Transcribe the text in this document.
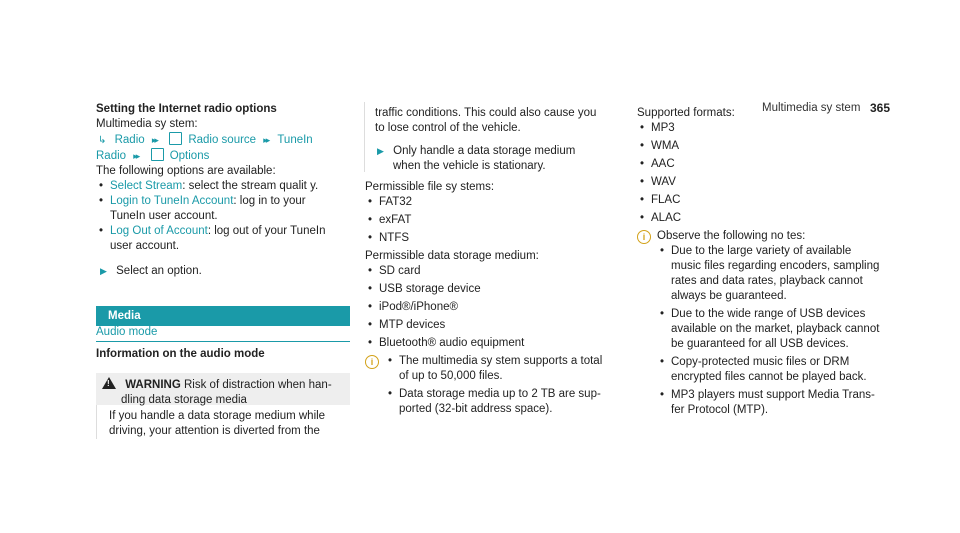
Multimedia sy stem 365
Setting the Internet radio options
Multimedia sy stem:
↳ Radio ▸▸	Radio source ▸▸ TuneIn
Radio ▸▸	Options
The following options are available:
• Select Stream: select the stream qualit y.
• Login to TuneIn Account: log in to your
TuneIn user account.
• Log Out of Account: log out of your TuneIn
user account.
▶ Select an option.
Media
Audio mode
Information on the audio mode
! WARNING Risk of distraction when han-
dling data storage media
If you handle a data storage medium while
driving, your attention is diverted from the
traffic conditions. This could also cause you
to lose control of the vehicle.
▶ Only handle a data storage medium
when the vehicle is stationary.
Permissible file sy stems:
• FAT32
• exFAT
• NTFS
Permissible data storage medium:
• SD card
• USB storage device
• iPod®/iPhone®
• MTP devices
• Bluetooth® audio equipment
i
•	The multimedia sy stem supports a total
of up to 50,000 files.
• Data storage media up to 2 TB are sup-
ported (32-bit address space).
Supported formats:
• MP3
• WMA
• AAC
• WAV
• FLAC
• ALAC
i	Observe the following no tes:
• Due to the large variety of available
music files regarding encoders, sampling
rates and data rates, playback cannot
always be guaranteed.
• Due to the wide range of USB devices
available on the market, playback cannot
be guaranteed for all USB devices.
• Copy-protected music files or DRM
encrypted files cannot be played back.
• MP3 players must support Media Trans-
fer Protocol (MTP).
